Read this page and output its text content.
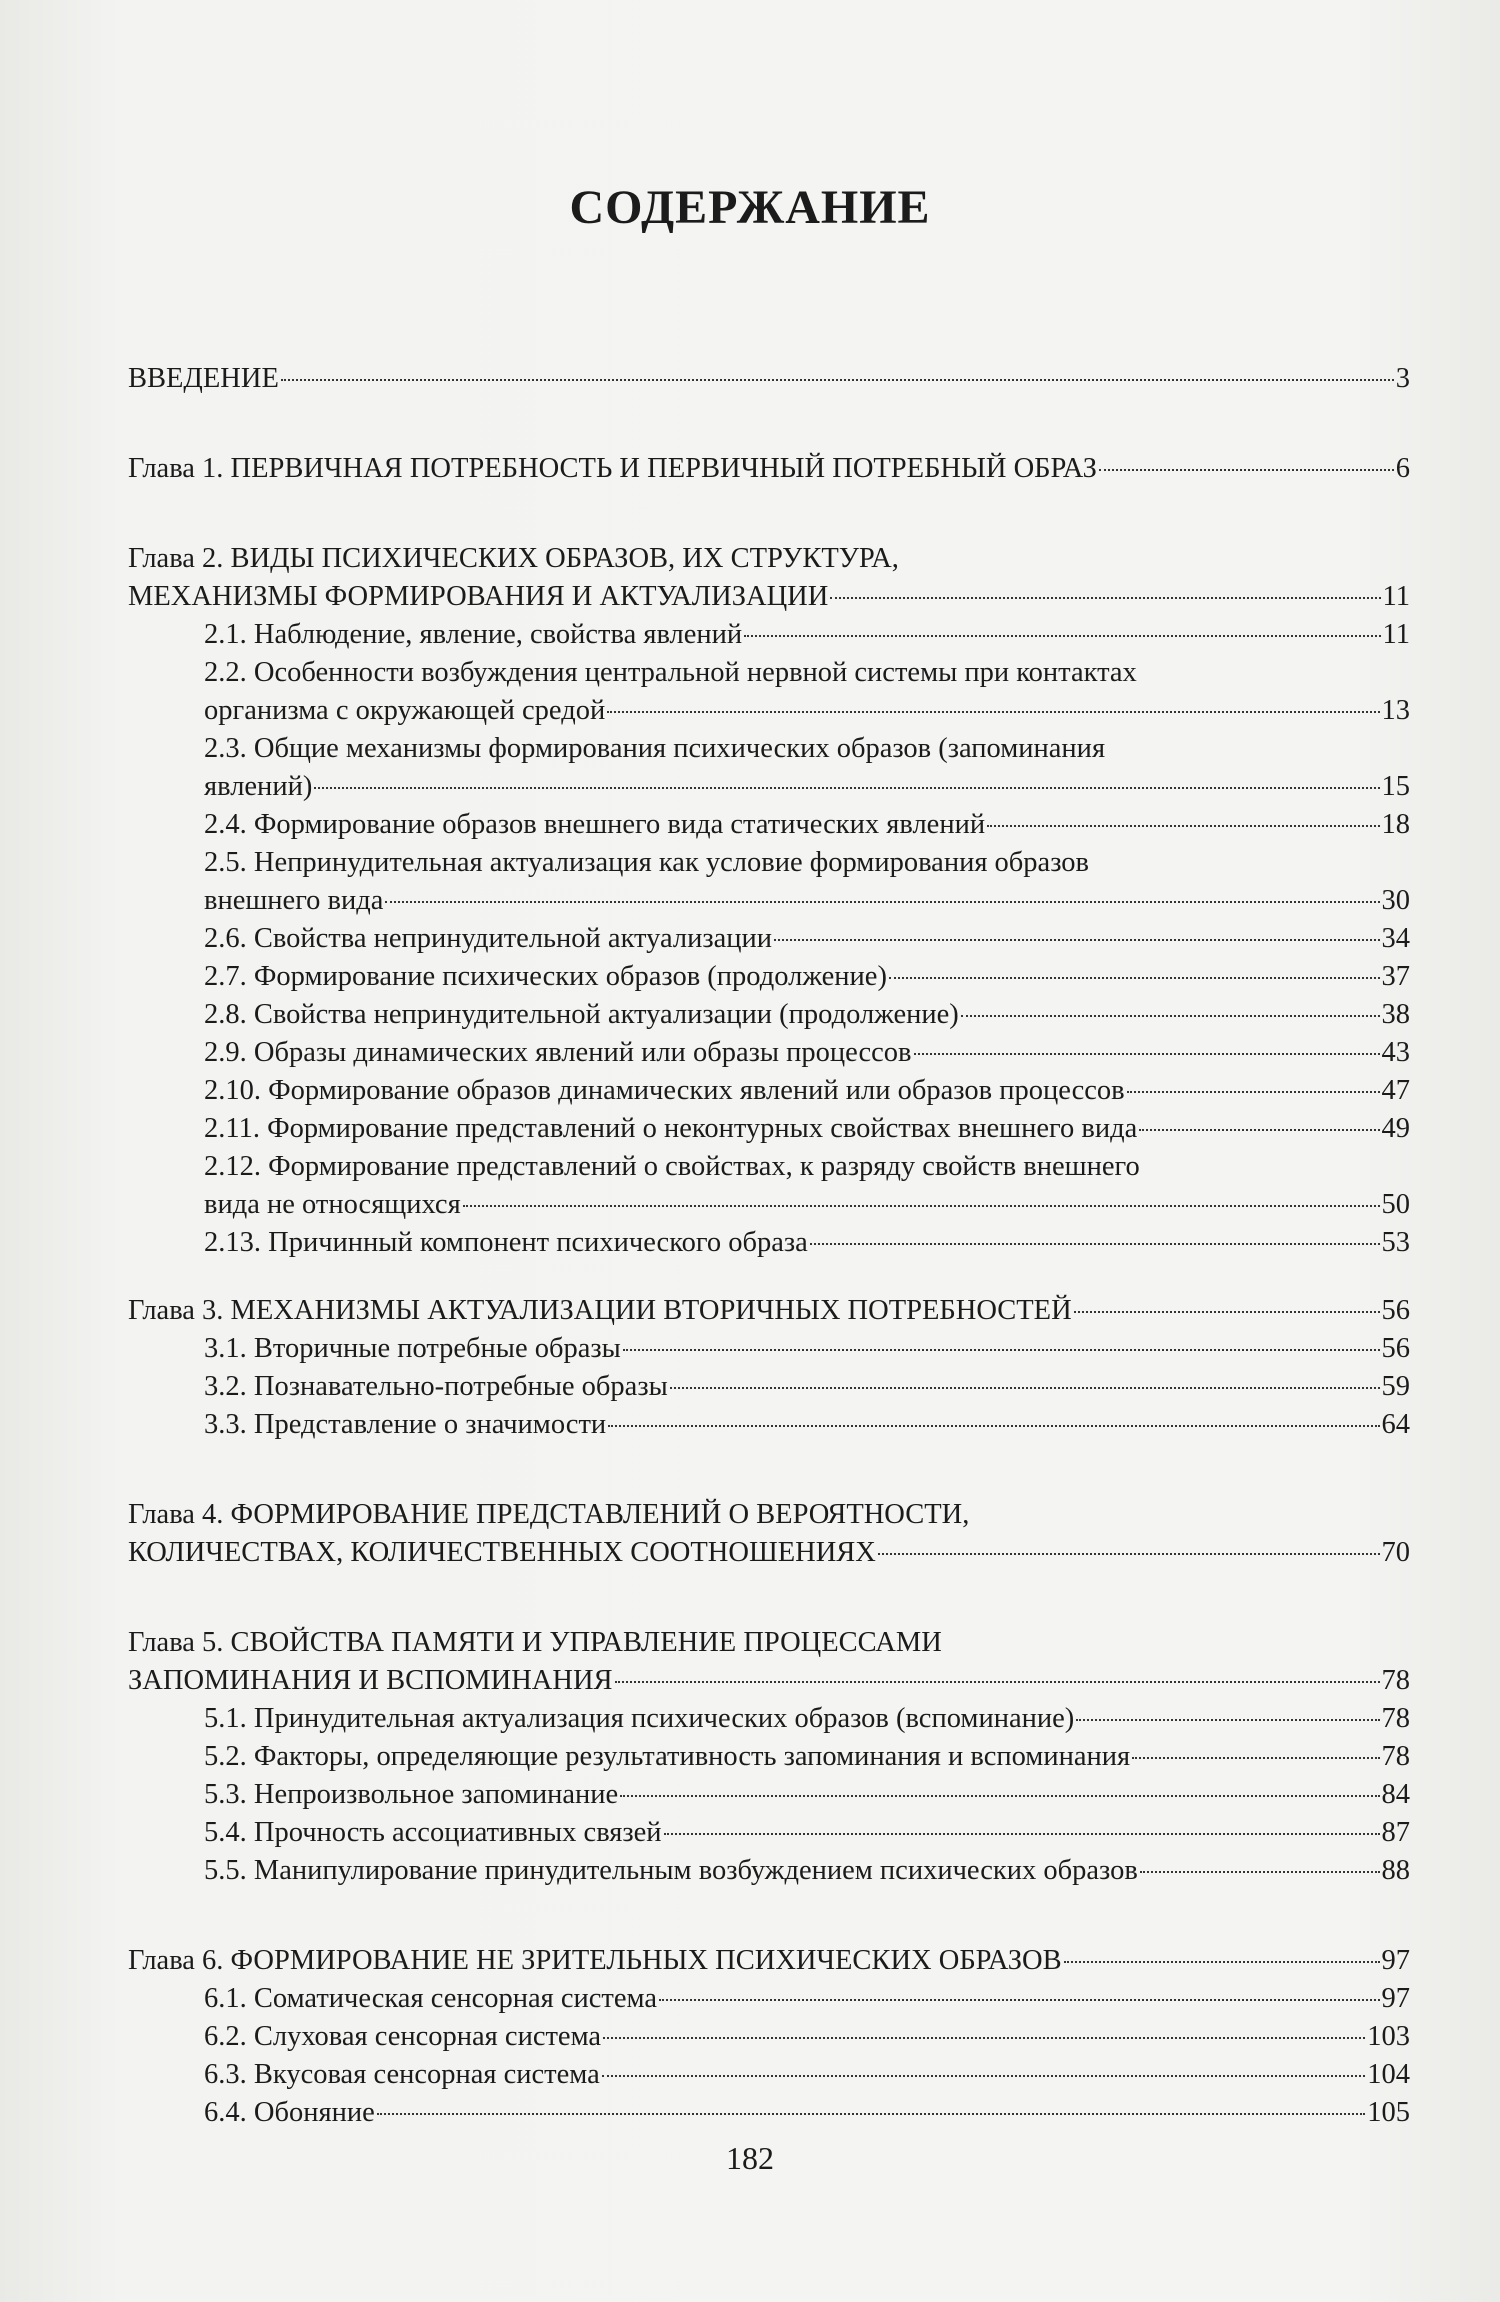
СОДЕРЖАНИЕ
ВВЕДЕНИЕ	3
Глава 1. ПЕРВИЧНАЯ ПОТРЕБНОСТЬ И ПЕРВИЧНЫЙ ПОТРЕБНЫЙ ОБРАЗ	6
Глава 2. ВИДЫ ПСИХИЧЕСКИХ ОБРАЗОВ, ИХ СТРУКТУРА,
МЕХАНИЗМЫ ФОРМИРОВАНИЯ И АКТУАЛИЗАЦИИ	11
2.1. Наблюдение, явление, свойства явлений	11
2.2. Особенности возбуждения центральной нервной системы при контактах
организма с окружающей средой	13
2.3. Общие механизмы формирования психических образов (запоминания
явлений)	15
2.4. Формирование образов внешнего вида статических явлений	18
2.5. Непринудительная актуализация как условие формирования образов
внешнего вида	30
2.6. Свойства непринудительной актуализации	34
2.7. Формирование психических образов (продолжение)	37
2.8. Свойства непринудительной актуализации (продолжение)	38
2.9. Образы динамических явлений или образы процессов	43
2.10. Формирование образов динамических явлений или образов процессов	47
2.11. Формирование представлений о неконтурных свойствах внешнего вида	49
2.12. Формирование представлений о свойствах, к разряду свойств внешнего
вида не относящихся	50
2.13. Причинный компонент психического образа	53
Глава 3. МЕХАНИЗМЫ АКТУАЛИЗАЦИИ ВТОРИЧНЫХ ПОТРЕБНОСТЕЙ	56
3.1. Вторичные потребные образы	56
3.2. Познавательно-потребные образы	59
3.3. Представление о значимости	64
Глава 4. ФОРМИРОВАНИЕ ПРЕДСТАВЛЕНИЙ О ВЕРОЯТНОСТИ,
КОЛИЧЕСТВАХ, КОЛИЧЕСТВЕННЫХ СООТНОШЕНИЯХ	70
Глава 5. СВОЙСТВА ПАМЯТИ И УПРАВЛЕНИЕ ПРОЦЕССАМИ
ЗАПОМИНАНИЯ И ВСПОМИНАНИЯ	78
5.1. Принудительная актуализация психических образов (вспоминание)	78
5.2. Факторы, определяющие результативность запоминания и вспоминания	78
5.3. Непроизвольное запоминание	84
5.4. Прочность ассоциативных связей	87
5.5. Манипулирование принудительным возбуждением психических образов	88
Глава 6. ФОРМИРОВАНИЕ НЕ ЗРИТЕЛЬНЫХ ПСИХИЧЕСКИХ ОБРАЗОВ	97
6.1. Соматическая сенсорная система	97
6.2. Слуховая сенсорная система	103
6.3. Вкусовая сенсорная система	104
6.4. Обоняние	105
182
